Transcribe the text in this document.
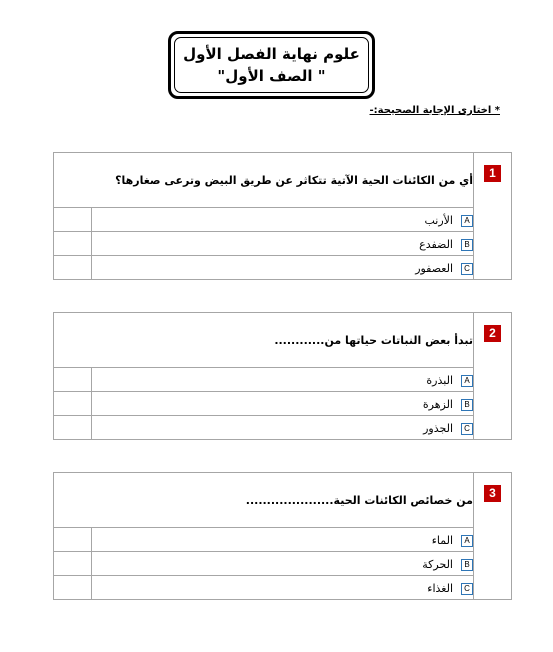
علوم نهاية الفصل الأول
" الصف الأول"
* اختارى الإجابة الصحيحة:-
1	أي من الكائنات الحية الآتية تتكاثر عن طريق البيض وترعى صغارها؟	
	Aالأرنب	
	Bالضفدع	
	Cالعصفور	
2	تبدأ بعض النباتات حياتها من............	
	Aالبذرة	
	Bالزهرة	
	Cالجذور	
3	من خصائص الكائنات الحية.....................	
	Aالماء	
	Bالحركة	
	Cالغذاء	
